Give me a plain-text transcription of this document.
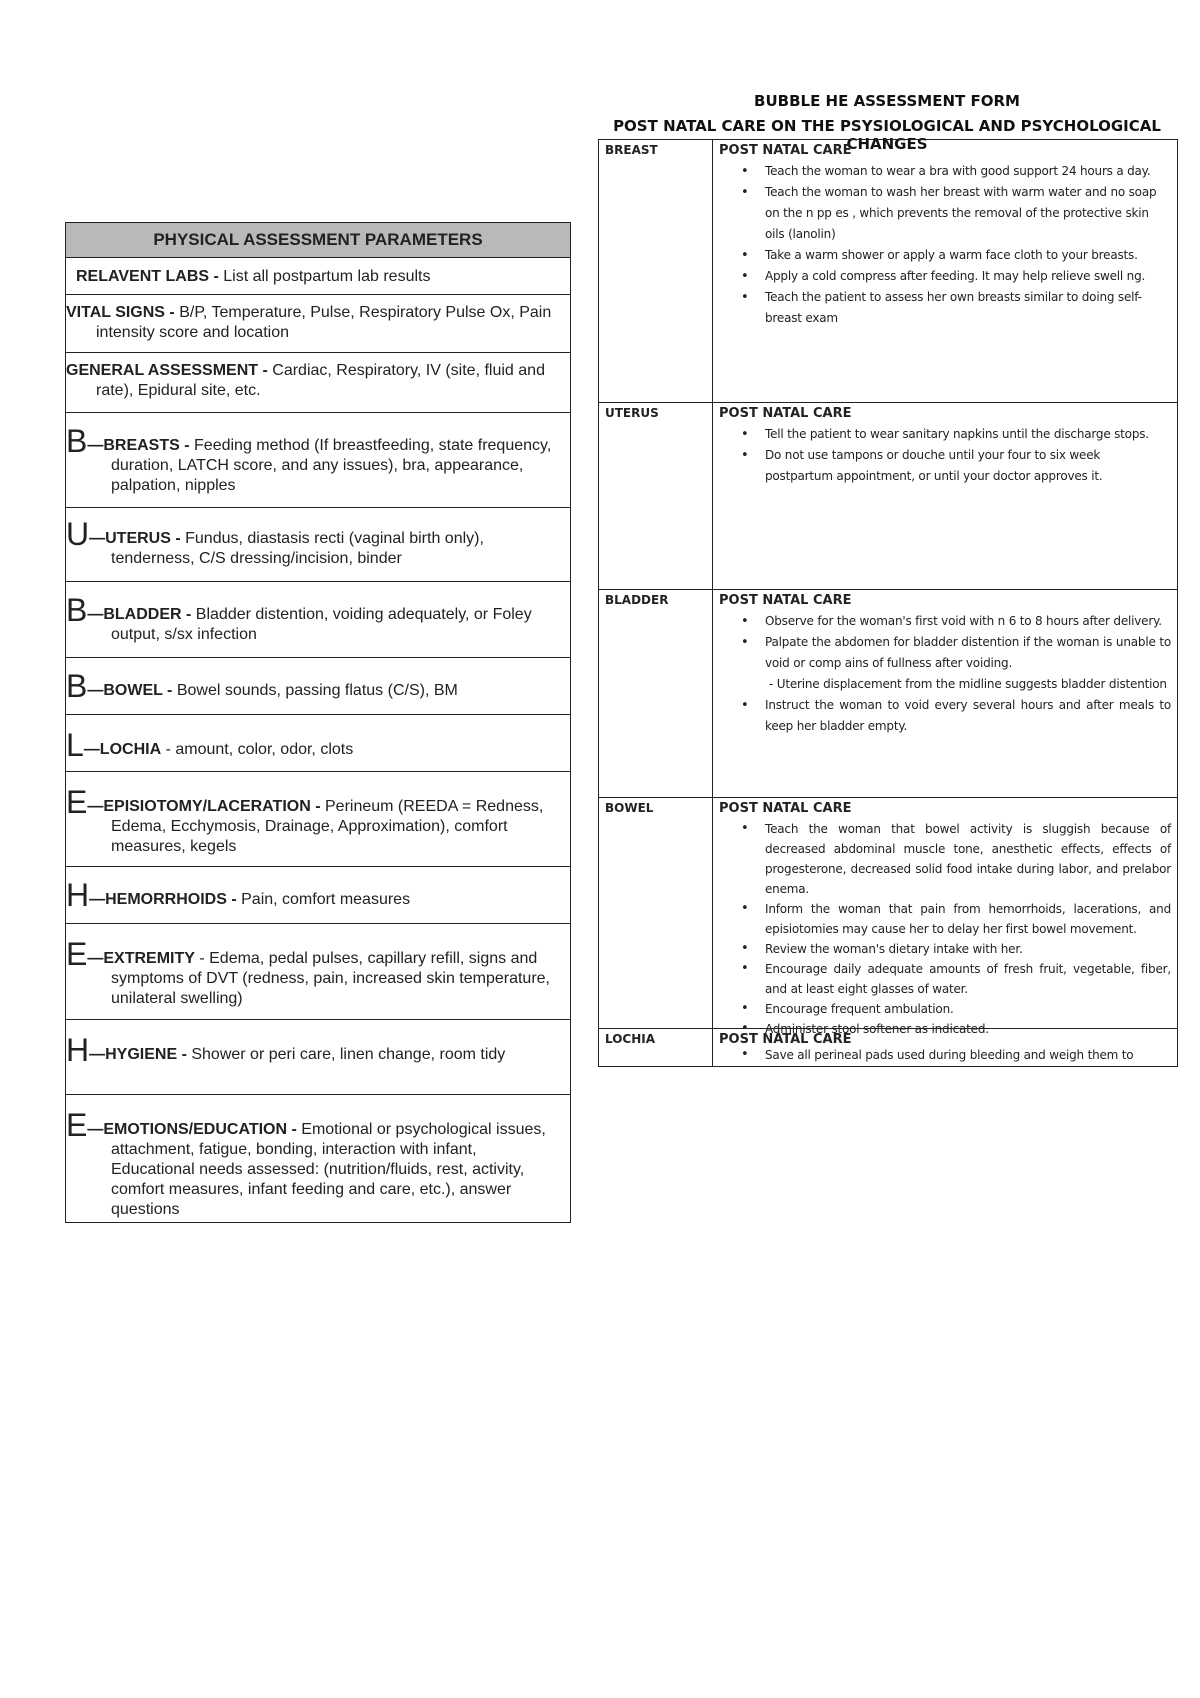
PHYSICAL ASSESSMENT PARAMETERS
RELAVENT LABS - List all postpartum lab results
VITAL SIGNS - B/P, Temperature, Pulse, Respiratory Pulse Ox, Pain intensity score and location
GENERAL ASSESSMENT - Cardiac, Respiratory, IV (site, fluid and rate), Epidural site, etc.
B—BREASTS - Feeding method (If breastfeeding, state frequency, duration, LATCH score, and any issues), bra, appearance, palpation, nipples
U—UTERUS - Fundus, diastasis recti (vaginal birth only), tenderness, C/S dressing/incision, binder
B—BLADDER - Bladder distention, voiding adequately, or Foley output, s/sx infection
B—BOWEL - Bowel sounds, passing flatus (C/S), BM
L—LOCHIA - amount, color, odor, clots
E—EPISIOTOMY/LACERATION - Perineum (REEDA = Redness, Edema, Ecchymosis, Drainage, Approximation), comfort measures, kegels
H—HEMORRHOIDS - Pain, comfort measures
E—EXTREMITY - Edema, pedal pulses, capillary refill, signs and symptoms of DVT (redness, pain, increased skin temperature, unilateral swelling)
H—HYGIENE - Shower or peri care, linen change, room tidy
E—EMOTIONS/EDUCATION - Emotional or psychological issues, attachment, fatigue, bonding, interaction with infant, Educational needs assessed: (nutrition/fluids, rest, activity, comfort measures, infant feeding and care, etc.), answer questions
BUBBLE HE ASSESSMENT FORM
POST NATAL CARE ON THE PSYSIOLOGICAL AND PSYCHOLOGICAL CHANGES
BREAST	POST NATAL CARE
• Teach the woman to wear a bra with good support 24 hours a day.
• Teach the woman to wash her breast with warm water and no soap on the n pp es , which prevents the removal of the protective skin oils (lanolin)
• Take a warm shower or apply a warm face cloth to your breasts.
• Apply a cold compress after feeding. It may help relieve swell ng.
• Teach the patient to assess her own breasts similar to doing self-breast exam
UTERUS	POST NATAL CARE
• Tell the patient to wear sanitary napkins until the discharge stops.
• Do not use tampons or douche until your four to six week postpartum appointment, or until your doctor approves it.
BLADDER	POST NATAL CARE
• Observe for the woman's first void with n 6 to 8 hours after delivery.
• Palpate the abdomen for bladder distention if the woman is unable to void or comp ains of fullness after voiding.
- Uterine displacement from the midline suggests bladder distention
• Instruct the woman to void every several hours and after meals to keep her bladder empty.
BOWEL	POST NATAL CARE
• Teach the woman that bowel activity is sluggish because of decreased abdominal muscle tone, anesthetic effects, effects of progesterone, decreased solid food intake during labor, and prelabor enema.
• Inform the woman that pain from hemorrhoids, lacerations, and episiotomies may cause her to delay her first bowel movement.
• Review the woman's dietary intake with her.
• Encourage daily adequate amounts of fresh fruit, vegetable, fiber, and at least eight glasses of water.
• Encourage frequent ambulation.
• Administer stool softener as indicated.
LOCHIA	POST NATAL CARE
• Save all perineal pads used during bleeding and weigh them to
